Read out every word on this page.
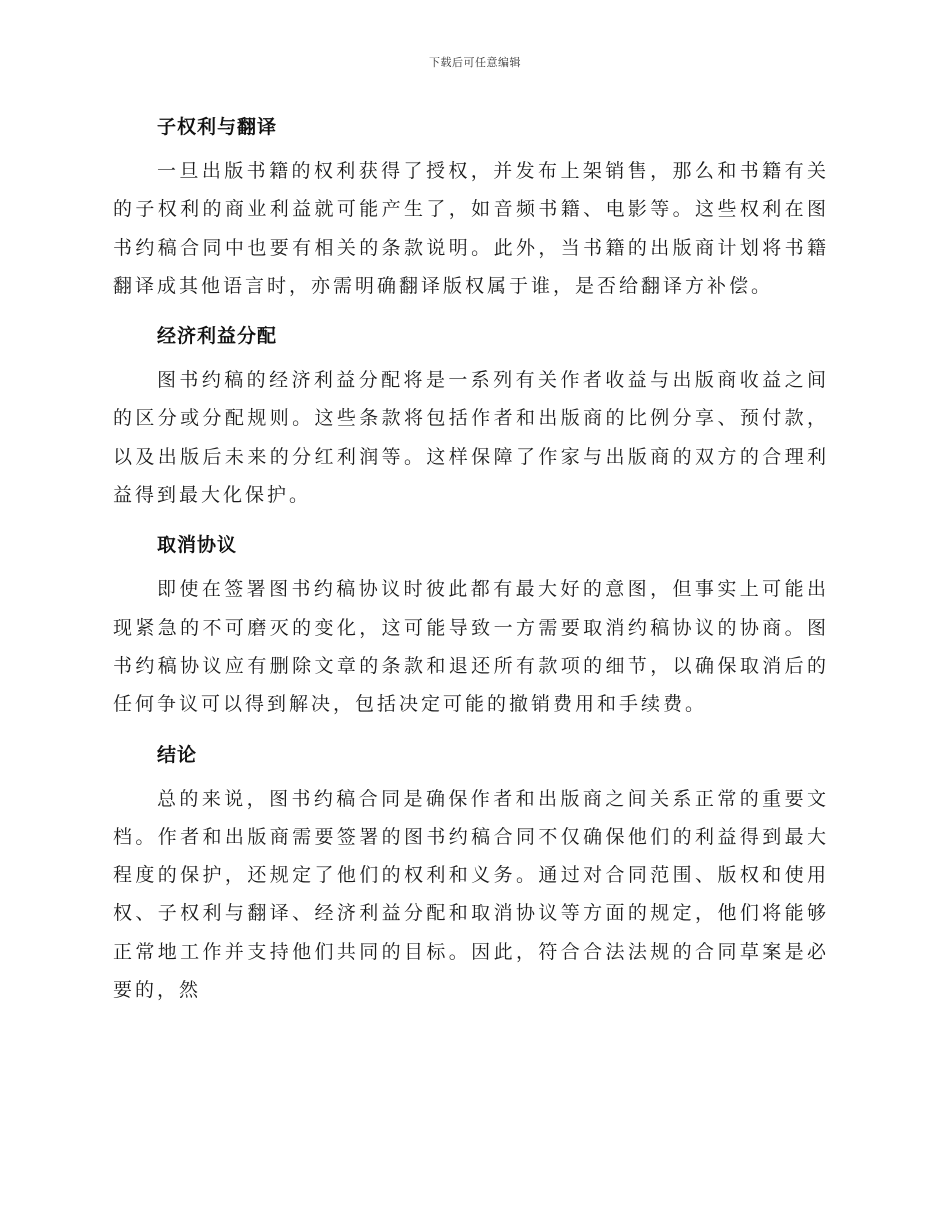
下载后可任意编辑
子权利与翻译

一旦出版书籍的权利获得了授权，并发布上架销售，那么和书籍有关的子权利的商业利益就可能产生了，如音频书籍、电影等。这些权利在图书约稿合同中也要有相关的条款说明。此外，当书籍的出版商计划将书籍翻译成其他语言时，亦需明确翻译版权属于谁，是否给翻译方补偿。

经济利益分配

图书约稿的经济利益分配将是一系列有关作者收益与出版商收益之间的区分或分配规则。这些条款将包括作者和出版商的比例分享、预付款，以及出版后未来的分红利润等。这样保障了作家与出版商的双方的合理利益得到最大化保护。

取消协议

即使在签署图书约稿协议时彼此都有最大好的意图，但事实上可能出现紧急的不可磨灭的变化，这可能导致一方需要取消约稿协议的协商。图书约稿协议应有删除文章的条款和退还所有款项的细节，以确保取消后的任何争议可以得到解决，包括决定可能的撤销费用和手续费。

结论

总的来说，图书约稿合同是确保作者和出版商之间关系正常的重要文档。作者和出版商需要签署的图书约稿合同不仅确保他们的利益得到最大程度的保护，还规定了他们的权利和义务。通过对合同范围、版权和使用权、子权利与翻译、经济利益分配和取消协议等方面的规定，他们将能够正常地工作并支持他们共同的目标。因此，符合合法法规的合同草案是必要的，然
